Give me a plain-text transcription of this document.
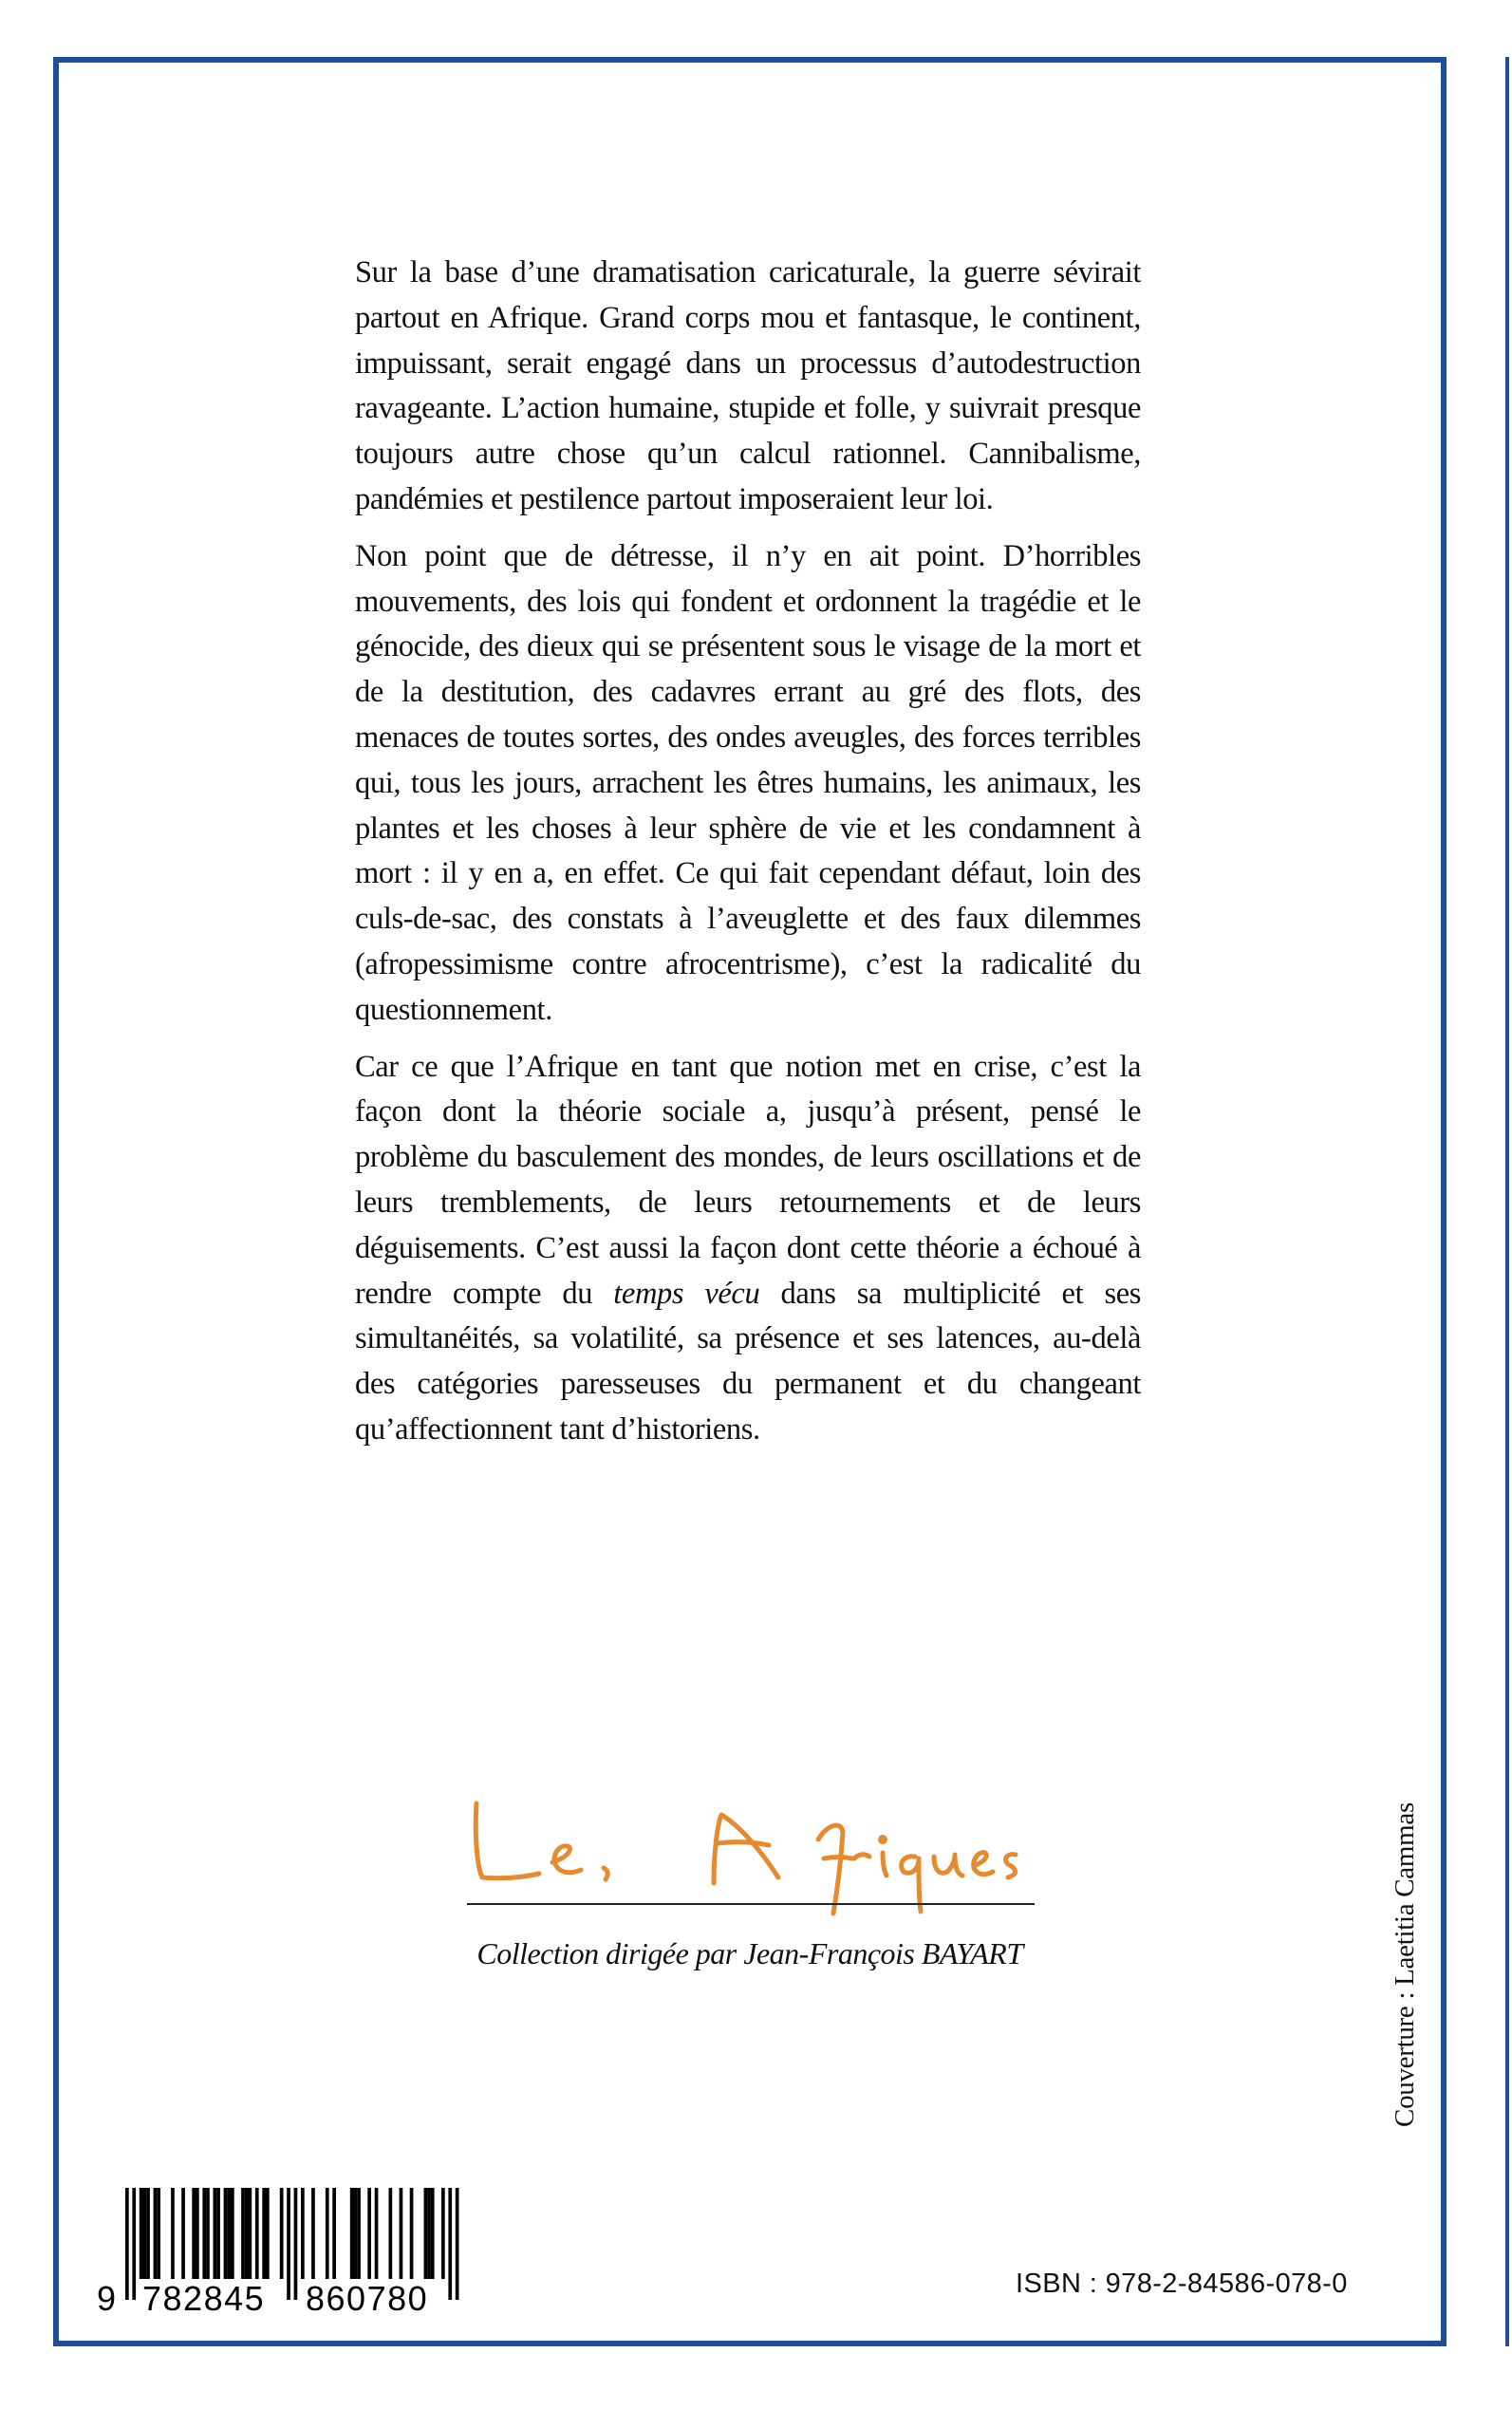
Sur la base d’une dramatisation caricaturale, la guerre sévirait partout en Afrique. Grand corps mou et fantasque, le continent, impuissant, serait engagé dans un processus d’autodestruction ravageante. L’action humaine, stupide et folle, y suivrait presque toujours autre chose qu’un calcul rationnel. Cannibalisme, pandémies et pestilence partout imposeraient leur loi.

Non point que de détresse, il n’y en ait point. D’horribles mouvements, des lois qui fondent et ordonnent la tragédie et le génocide, des dieux qui se présentent sous le visage de la mort et de la destitution, des cadavres errant au gré des flots, des menaces de toutes sortes, des ondes aveugles, des forces terribles qui, tous les jours, arrachent les êtres humains, les animaux, les plantes et les choses à leur sphère de vie et les condamnent à mort : il y en a, en effet. Ce qui fait cependant défaut, loin des culs-de-sac, des constats à l’aveuglette et des faux dilemmes (afropessimisme contre afrocentrisme), c’est la radicalité du questionnement.

Car ce que l’Afrique en tant que notion met en crise, c’est la façon dont la théorie sociale a, jusqu’à présent, pensé le problème du basculement des mondes, de leurs oscillations et de leurs tremblements, de leurs retournements et de leurs déguisements. C’est aussi la façon dont cette théorie a échoué à rendre compte du temps vécu dans sa multiplicité et ses simultanéités, sa volatilité, sa présence et ses latences, au-delà des catégories paresseuses du permanent et du changeant qu’affectionnent tant d’historiens.

Collection dirigée par Jean-François BAYART	Couverture : Laetitia Cammas
9 782845 860780	ISBN : 978-2-84586-078-0
